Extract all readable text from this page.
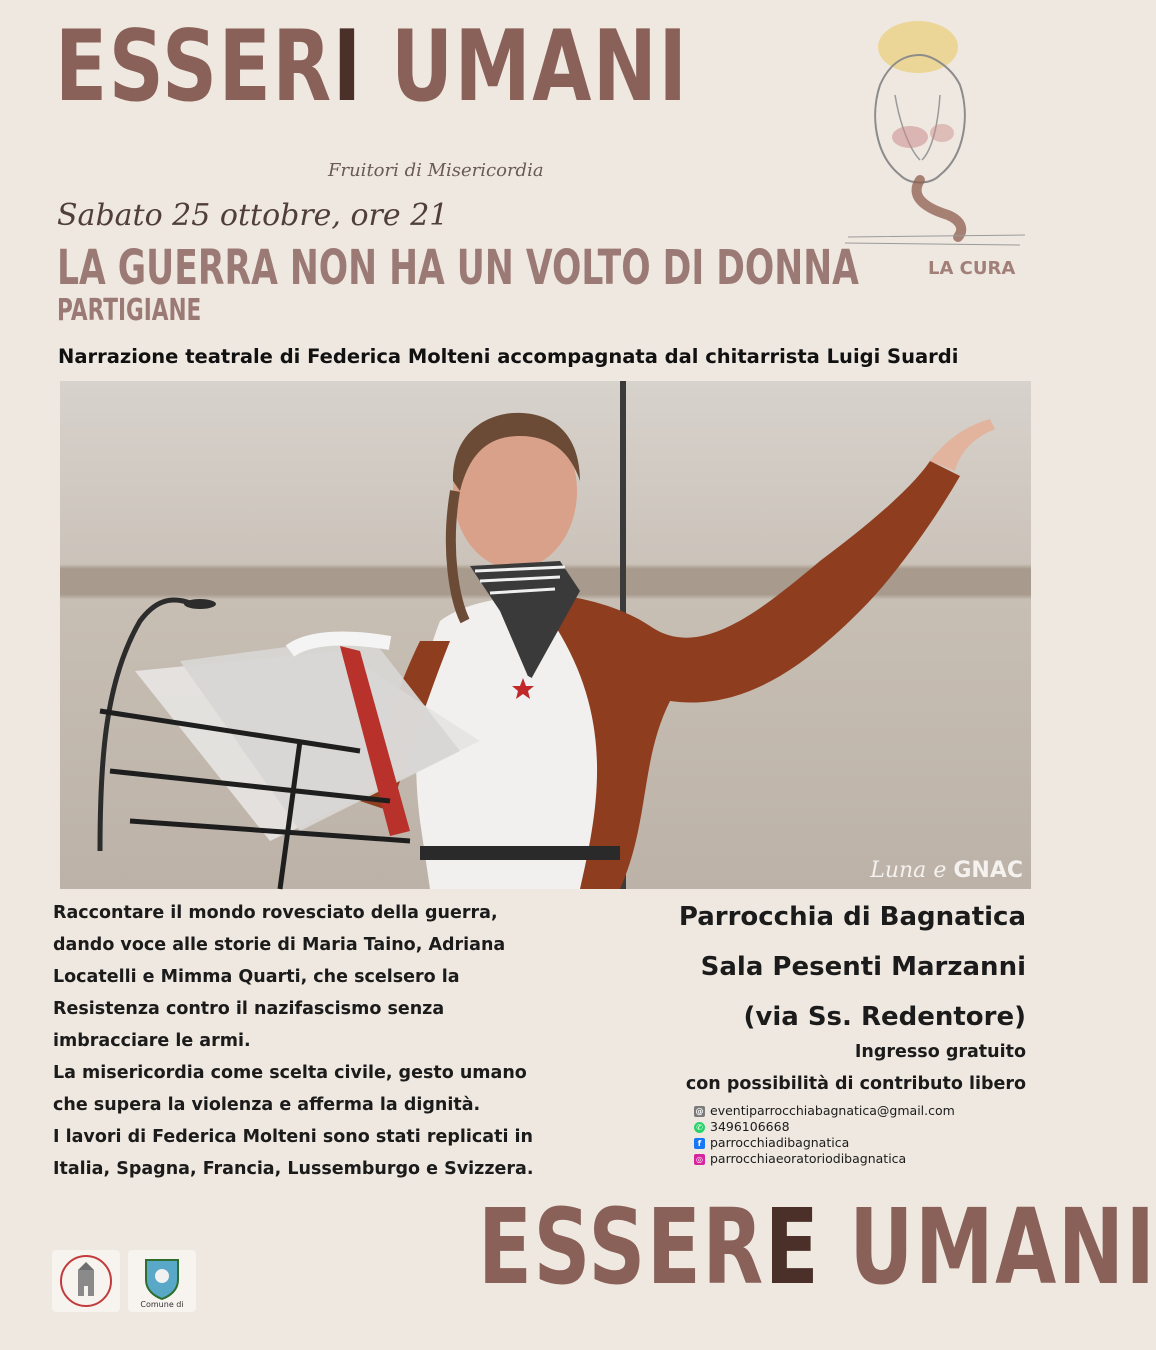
ESSERI UMANI
Fruitori di Misericordia
Sabato 25 ottobre, ore 21
LA GUERRA NON HA UN VOLTO DI DONNA
PARTIGIANE
LA CURA
Narrazione teatrale di Federica Molteni accompagnata dal chitarrista Luigi Suardi
Luna e GNAC

Raccontare il mondo rovesciato della guerra, dando voce alle storie di Maria Taino, Adriana Locatelli e Mimma Quarti, che scelsero la Resistenza contro il nazifascismo senza imbracciare le armi.

La misericordia come scelta civile, gesto umano che supera la violenza e afferma la dignità.

I lavori di Federica Molteni sono stati replicati in Italia, Spagna, Francia, Lussemburgo e Svizzera.

Parrocchia di Bagnatica
Sala Pesenti Marzanni
(via Ss. Redentore)
Ingresso gratuito
con possibilità di contributo libero
@ eventiparrocchiabagnatica@gmail.com
✆ 3496106668
f parrocchiadibagnatica
◎ parrocchiaeoratoriodibagnatica
ESSERE UMANI
Comune di
